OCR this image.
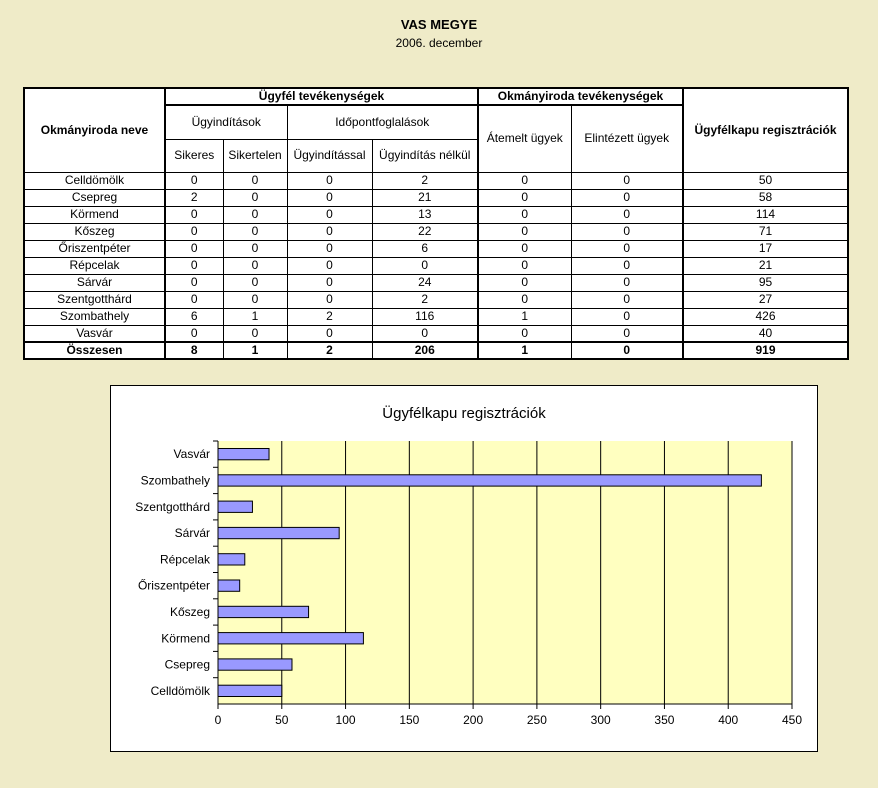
VAS MEGYE
2006. december
Okmányiroda neve	Ügyfél tevékenységek				Okmányiroda tevékenységek		Ügyfélkapu regisztrációk
	Ügyindítások		Időpontfoglalások		Átemelt ügyek	Elintézett ügyek	
	Sikeres	Sikertelen	Ügyindítással	Ügyindítás nélkül			
Celldömölk	0	0	0	2	0	0	50
Csepreg	2	0	0	21	0	0	58
Körmend	0	0	0	13	0	0	114
Kőszeg	0	0	0	22	0	0	71
Őriszentpéter	0	0	0	6	0	0	17
Répcelak	0	0	0	0	0	0	21
Sárvár	0	0	0	24	0	0	95
Szentgotthárd	0	0	0	2	0	0	27
Szombathely	6	1	2	116	1	0	426
Vasvár	0	0	0	0	0	0	40
Összesen	8	1	2	206	1	0	919
0	50	100	150	200	250	300	350	400	450
Vasvár
Szombathely
Szentgotthárd
Sárvár
Répcelak
Őriszentpéter
Kőszeg
Körmend
Csepreg
Celldömölk
Ügyfélkapu regisztrációk
